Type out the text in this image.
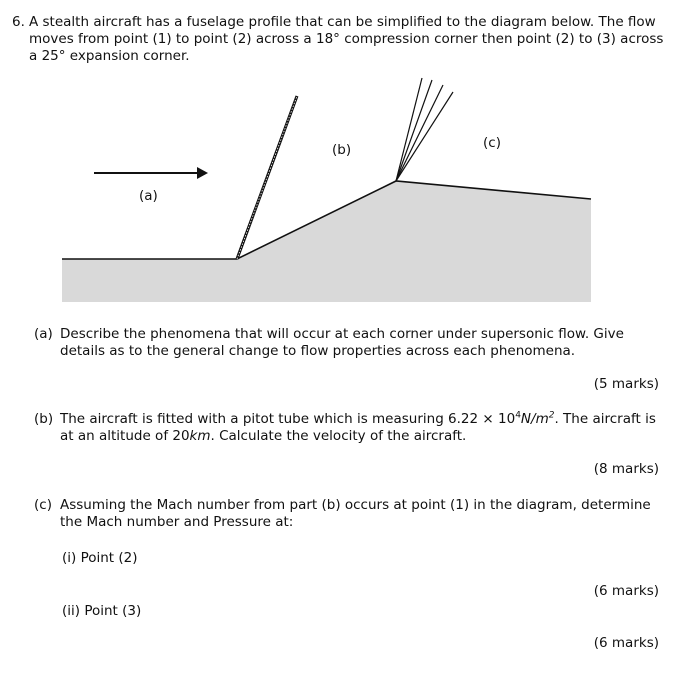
6. A stealth aircraft has a fuselage profile that can be simplified to the diagram below. The flow moves from point (1) to point (2) across a 18° compression corner then point (2) to (3) across a 25° expansion corner.
(a)
(b)	(c)
(a) Describe the phenomena that will occur at each corner under supersonic flow. Give details as to the general change to flow properties across each phenomena.
(5 marks)
(b) The aircraft is fitted with a pitot tube which is measuring $6.22 \times 10^4N/m^2$. The aircraft is at an altitude of 20km. Calculate the velocity of the aircraft.
(8 marks)
(c) Assuming the Mach number from part (b) occurs at point (1) in the diagram, determine the Mach number and Pressure at:
(i) Point (2)
(6 marks)
(ii) Point (3)
(6 marks)
